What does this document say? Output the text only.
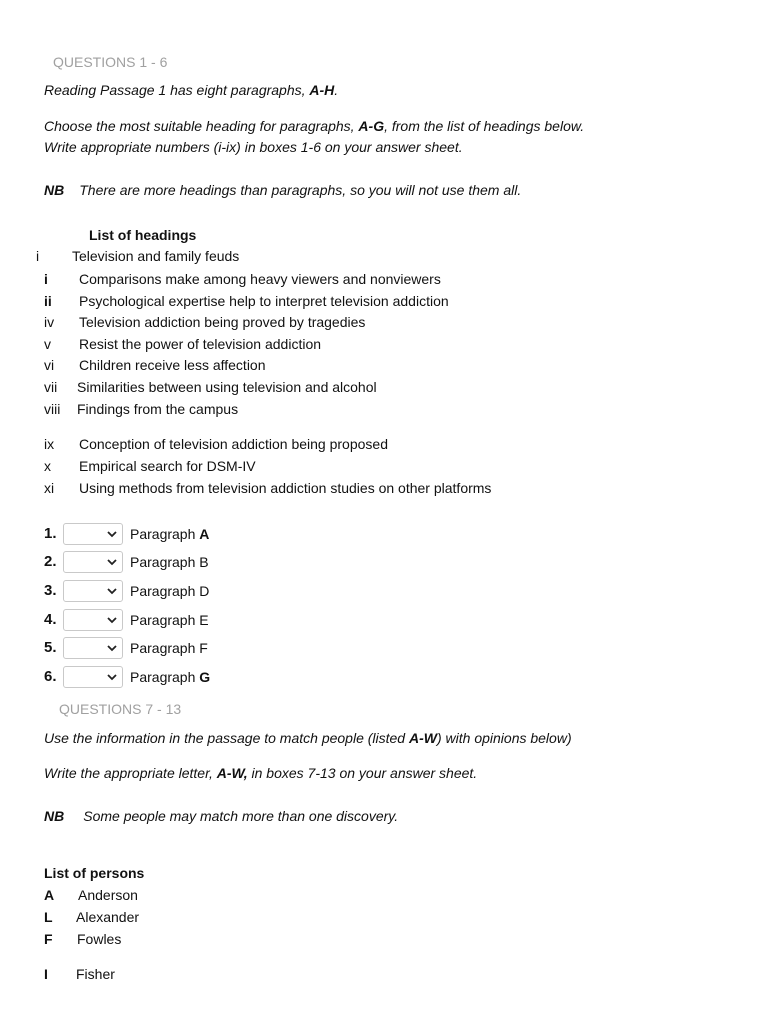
QUESTIONS 1 - 6
Reading Passage 1 has eight paragraphs, A-H.
Choose the most suitable heading for paragraphs, A-G, from the list of headings below.
Write appropriate numbers (i-ix) in boxes 1-6 on your answer sheet.
NB There are more headings than paragraphs, so you will not use them all.
List of headings
i Television and family feuds
i Comparisons make among heavy viewers and nonviewers
ii Psychological expertise help to interpret television addiction
iv Television addiction being proved by tragedies
v Resist the power of television addiction
vi Children receive less affection
vii Similarities between using television and alcohol
viii Findings from the campus
ix Conception of television addiction being proposed
x Empirical search for DSM-IV
xi Using methods from television addiction studies on other platforms
1.	Paragraph A
2.	Paragraph B
3.	Paragraph D
4.	Paragraph E
5.	Paragraph F
6.	Paragraph G
QUESTIONS 7 - 13
Use the information in the passage to match people (listed A-W) with opinions below)
Write the appropriate letter, A-W, in boxes 7-13 on your answer sheet.
NB Some people may match more than one discovery.
List of persons
A Anderson
L Alexander
F Fowles
I Fisher
